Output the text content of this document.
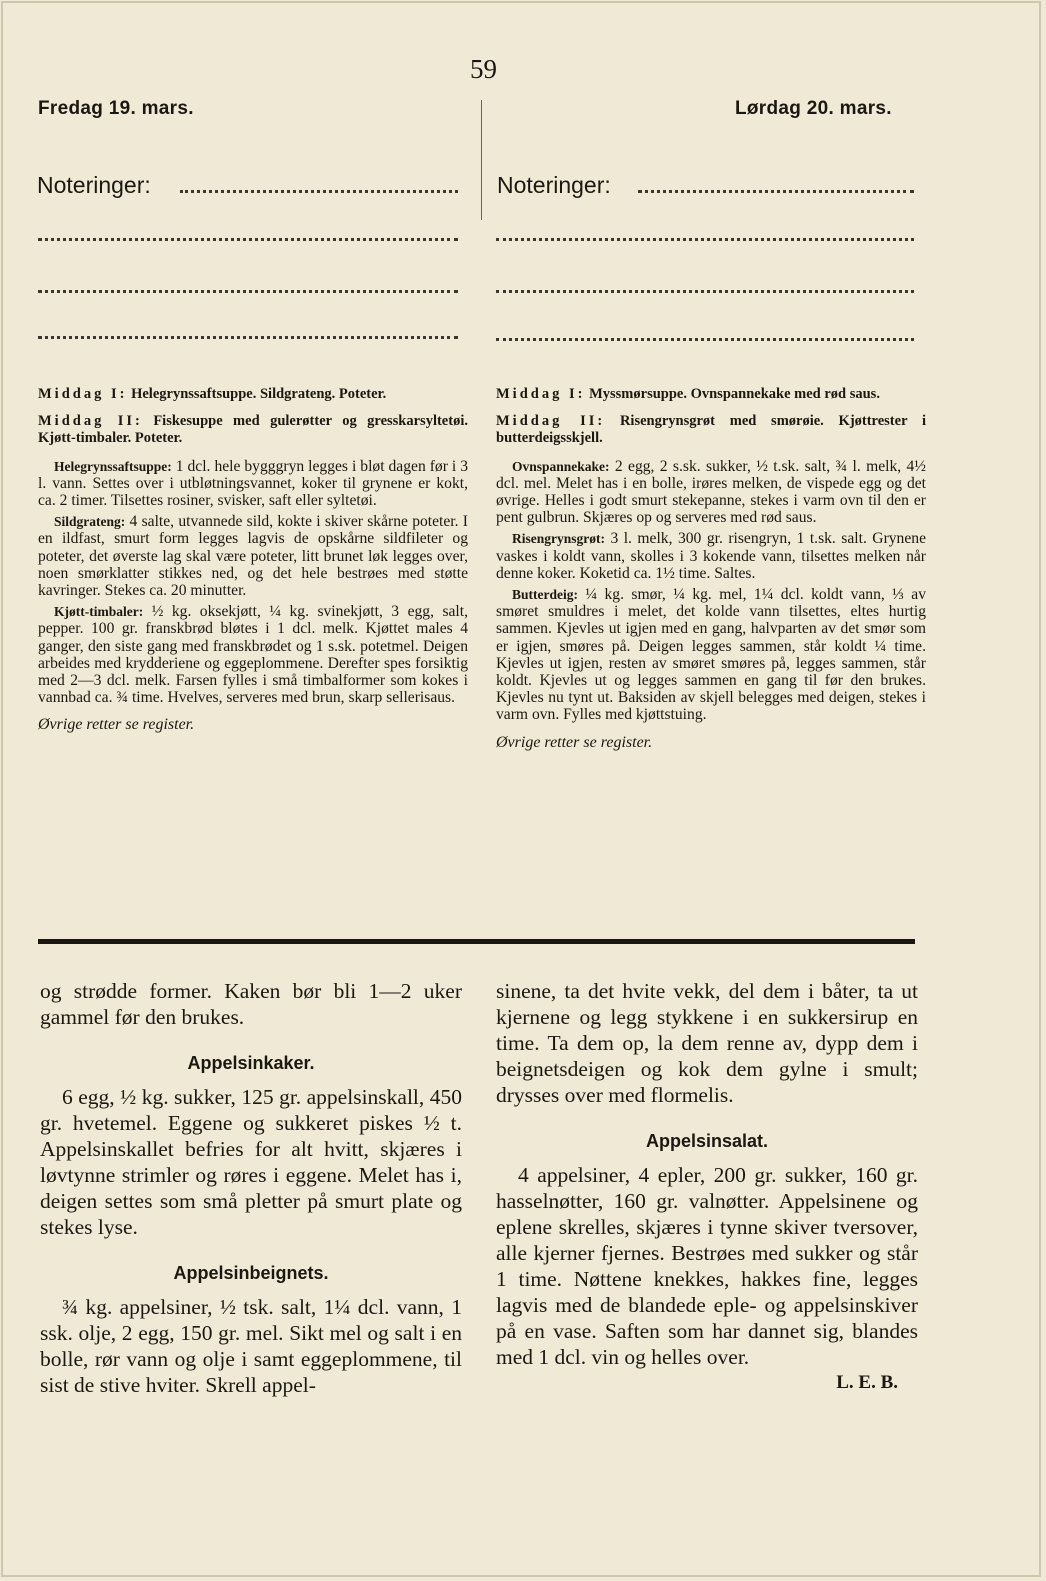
59
Fredag 19. mars.	Lørdag 20. mars.
Noteringer:	Noteringer:

Middag I: Helegrynssaftsuppe. Sildgrateng. Poteter.

Middag II: Fiskesuppe med gulerøtter og gresskarsyltetøi. Kjøtt-timbaler. Poteter.

Helegrynssaftsuppe: 1 dcl. hele bygggryn legges i bløt dagen før i 3 l. vann. Settes over i utbløtningsvannet, koker til grynene er kokt, ca. 2 timer. Tilsettes rosiner, svisker, saft eller syltetøi.

Sildgrateng: 4 salte, utvannede sild, kokte i skiver skårne poteter. I en ildfast, smurt form legges lagvis de opskårne sildfileter og poteter, det øverste lag skal være poteter, litt brunet løk legges over, noen smørklatter stikkes ned, og det hele bestrøes med støtte kavringer. Stekes ca. 20 minutter.

Kjøtt-timbaler: ½ kg. oksekjøtt, ¼ kg. svinekjøtt, 3 egg, salt, pepper. 100 gr. franskbrød bløtes i 1 dcl. melk. Kjøttet males 4 ganger, den siste gang med franskbrødet og 1 s.sk. potetmel. Deigen arbeides med krydderiene og eggeplommene. Derefter spes forsiktig med 2—3 dcl. melk. Farsen fylles i små timbalformer som kokes i vannbad ca. ¾ time. Hvelves, serveres med brun, skarp sellerisaus.

Øvrige retter se register.

Middag I: Myssmørsuppe. Ovnspannekake med rød saus.

Middag II: Risengrynsgrøt med smørøie. Kjøttrester i butterdeigsskjell.

Ovnspannekake: 2 egg, 2 s.sk. sukker, ½ t.sk. salt, ¾ l. melk, 4½ dcl. mel. Melet has i en bolle, irøres melken, de vispede egg og det øvrige. Helles i godt smurt stekepanne, stekes i varm ovn til den er pent gulbrun. Skjæres op og serveres med rød saus.

Risengrynsgrøt: 3 l. melk, 300 gr. risengryn, 1 t.sk. salt. Grynene vaskes i koldt vann, skolles i 3 kokende vann, tilsettes melken når denne koker. Koketid ca. 1½ time. Saltes.

Butterdeig: ¼ kg. smør, ¼ kg. mel, 1¼ dcl. koldt vann, ⅓ av smøret smuldres i melet, det kolde vann tilsettes, eltes hurtig sammen. Kjevles ut igjen med en gang, halvparten av det smør som er igjen, smøres på. Deigen legges sammen, står koldt ¼ time. Kjevles ut igjen, resten av smøret smøres på, legges sammen, står koldt. Kjevles ut og legges sammen en gang til før den brukes. Kjevles nu tynt ut. Baksiden av skjell belegges med deigen, stekes i varm ovn. Fylles med kjøttstuing.

Øvrige retter se register.

og strødde former. Kaken bør bli 1—2 uker gammel før den brukes.

Appelsinkaker.

6 egg, ½ kg. sukker, 125 gr. appelsinskall, 450 gr. hvetemel. Eggene og sukkeret piskes ½ t. Appelsinskallet befries for alt hvitt, skjæres i løvtynne strimler og røres i eggene. Melet has i, deigen settes som små pletter på smurt plate og stekes lyse.

Appelsinbeignets.

¾ kg. appelsiner, ½ tsk. salt, 1¼ dcl. vann, 1 ssk. olje, 2 egg, 150 gr. mel. Sikt mel og salt i en bolle, rør vann og olje i samt eggeplommene, til sist de stive hviter. Skrell appel-

sinene, ta det hvite vekk, del dem i båter, ta ut kjernene og legg stykkene i en sukkersirup en time. Ta dem op, la dem renne av, dypp dem i beignetsdeigen og kok dem gylne i smult; drysses over med flormelis.

Appelsinsalat.

4 appelsiner, 4 epler, 200 gr. sukker, 160 gr. hasselnøtter, 160 gr. valnøtter. Appelsinene og eplene skrelles, skjæres i tynne skiver tversover, alle kjerner fjernes. Bestrøes med sukker og står 1 time. Nøttene knekkes, hakkes fine, legges lagvis med de blandede eple- og appelsinskiver på en vase. Saften som har dannet sig, blandes med 1 dcl. vin og helles over.

L. E. B.
